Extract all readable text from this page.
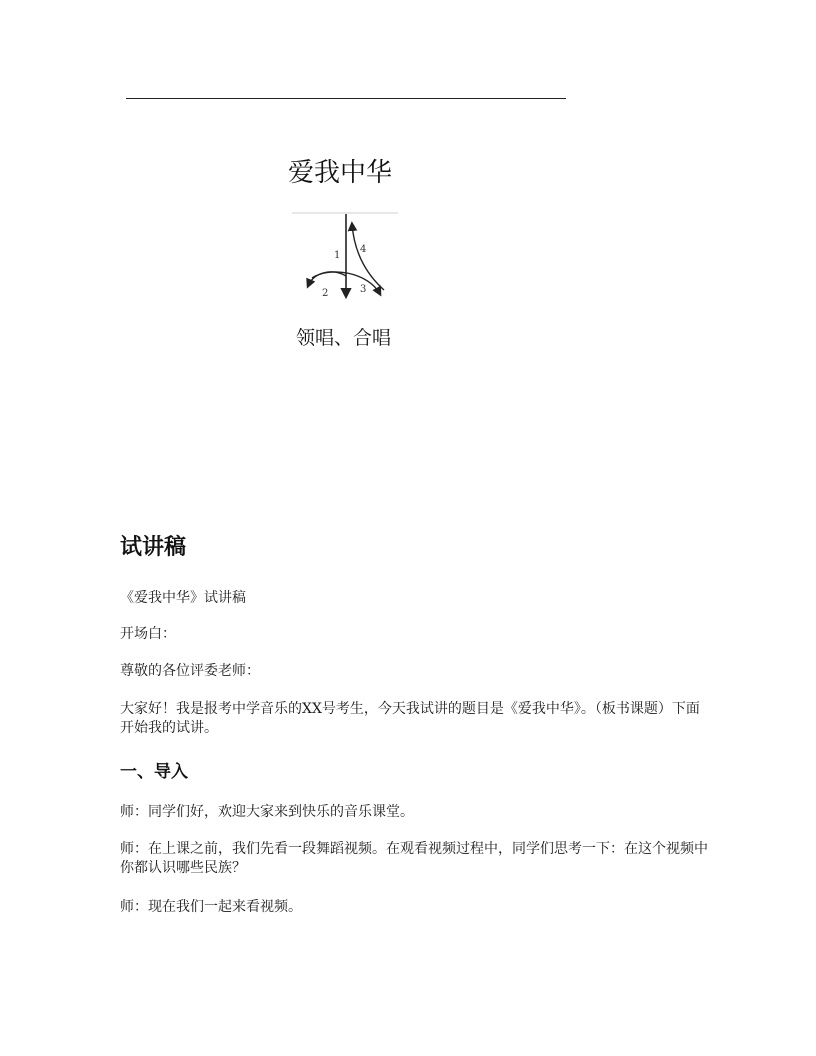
爱我中华
1
2	3
4
领唱、合唱
试讲稿

《爱我中华》试讲稿

开场白：

尊敬的各位评委老师：

大家好！我是报考中学音乐的XX号考生，今天我试讲的题目是《爱我中华》。（板书课题）下面开始我的试讲。

一、导入

师：同学们好，欢迎大家来到快乐的音乐课堂。

师：在上课之前，我们先看一段舞蹈视频。在观看视频过程中，同学们思考一下：在这个视频中你都认识哪些民族？

师：现在我们一起来看视频。
